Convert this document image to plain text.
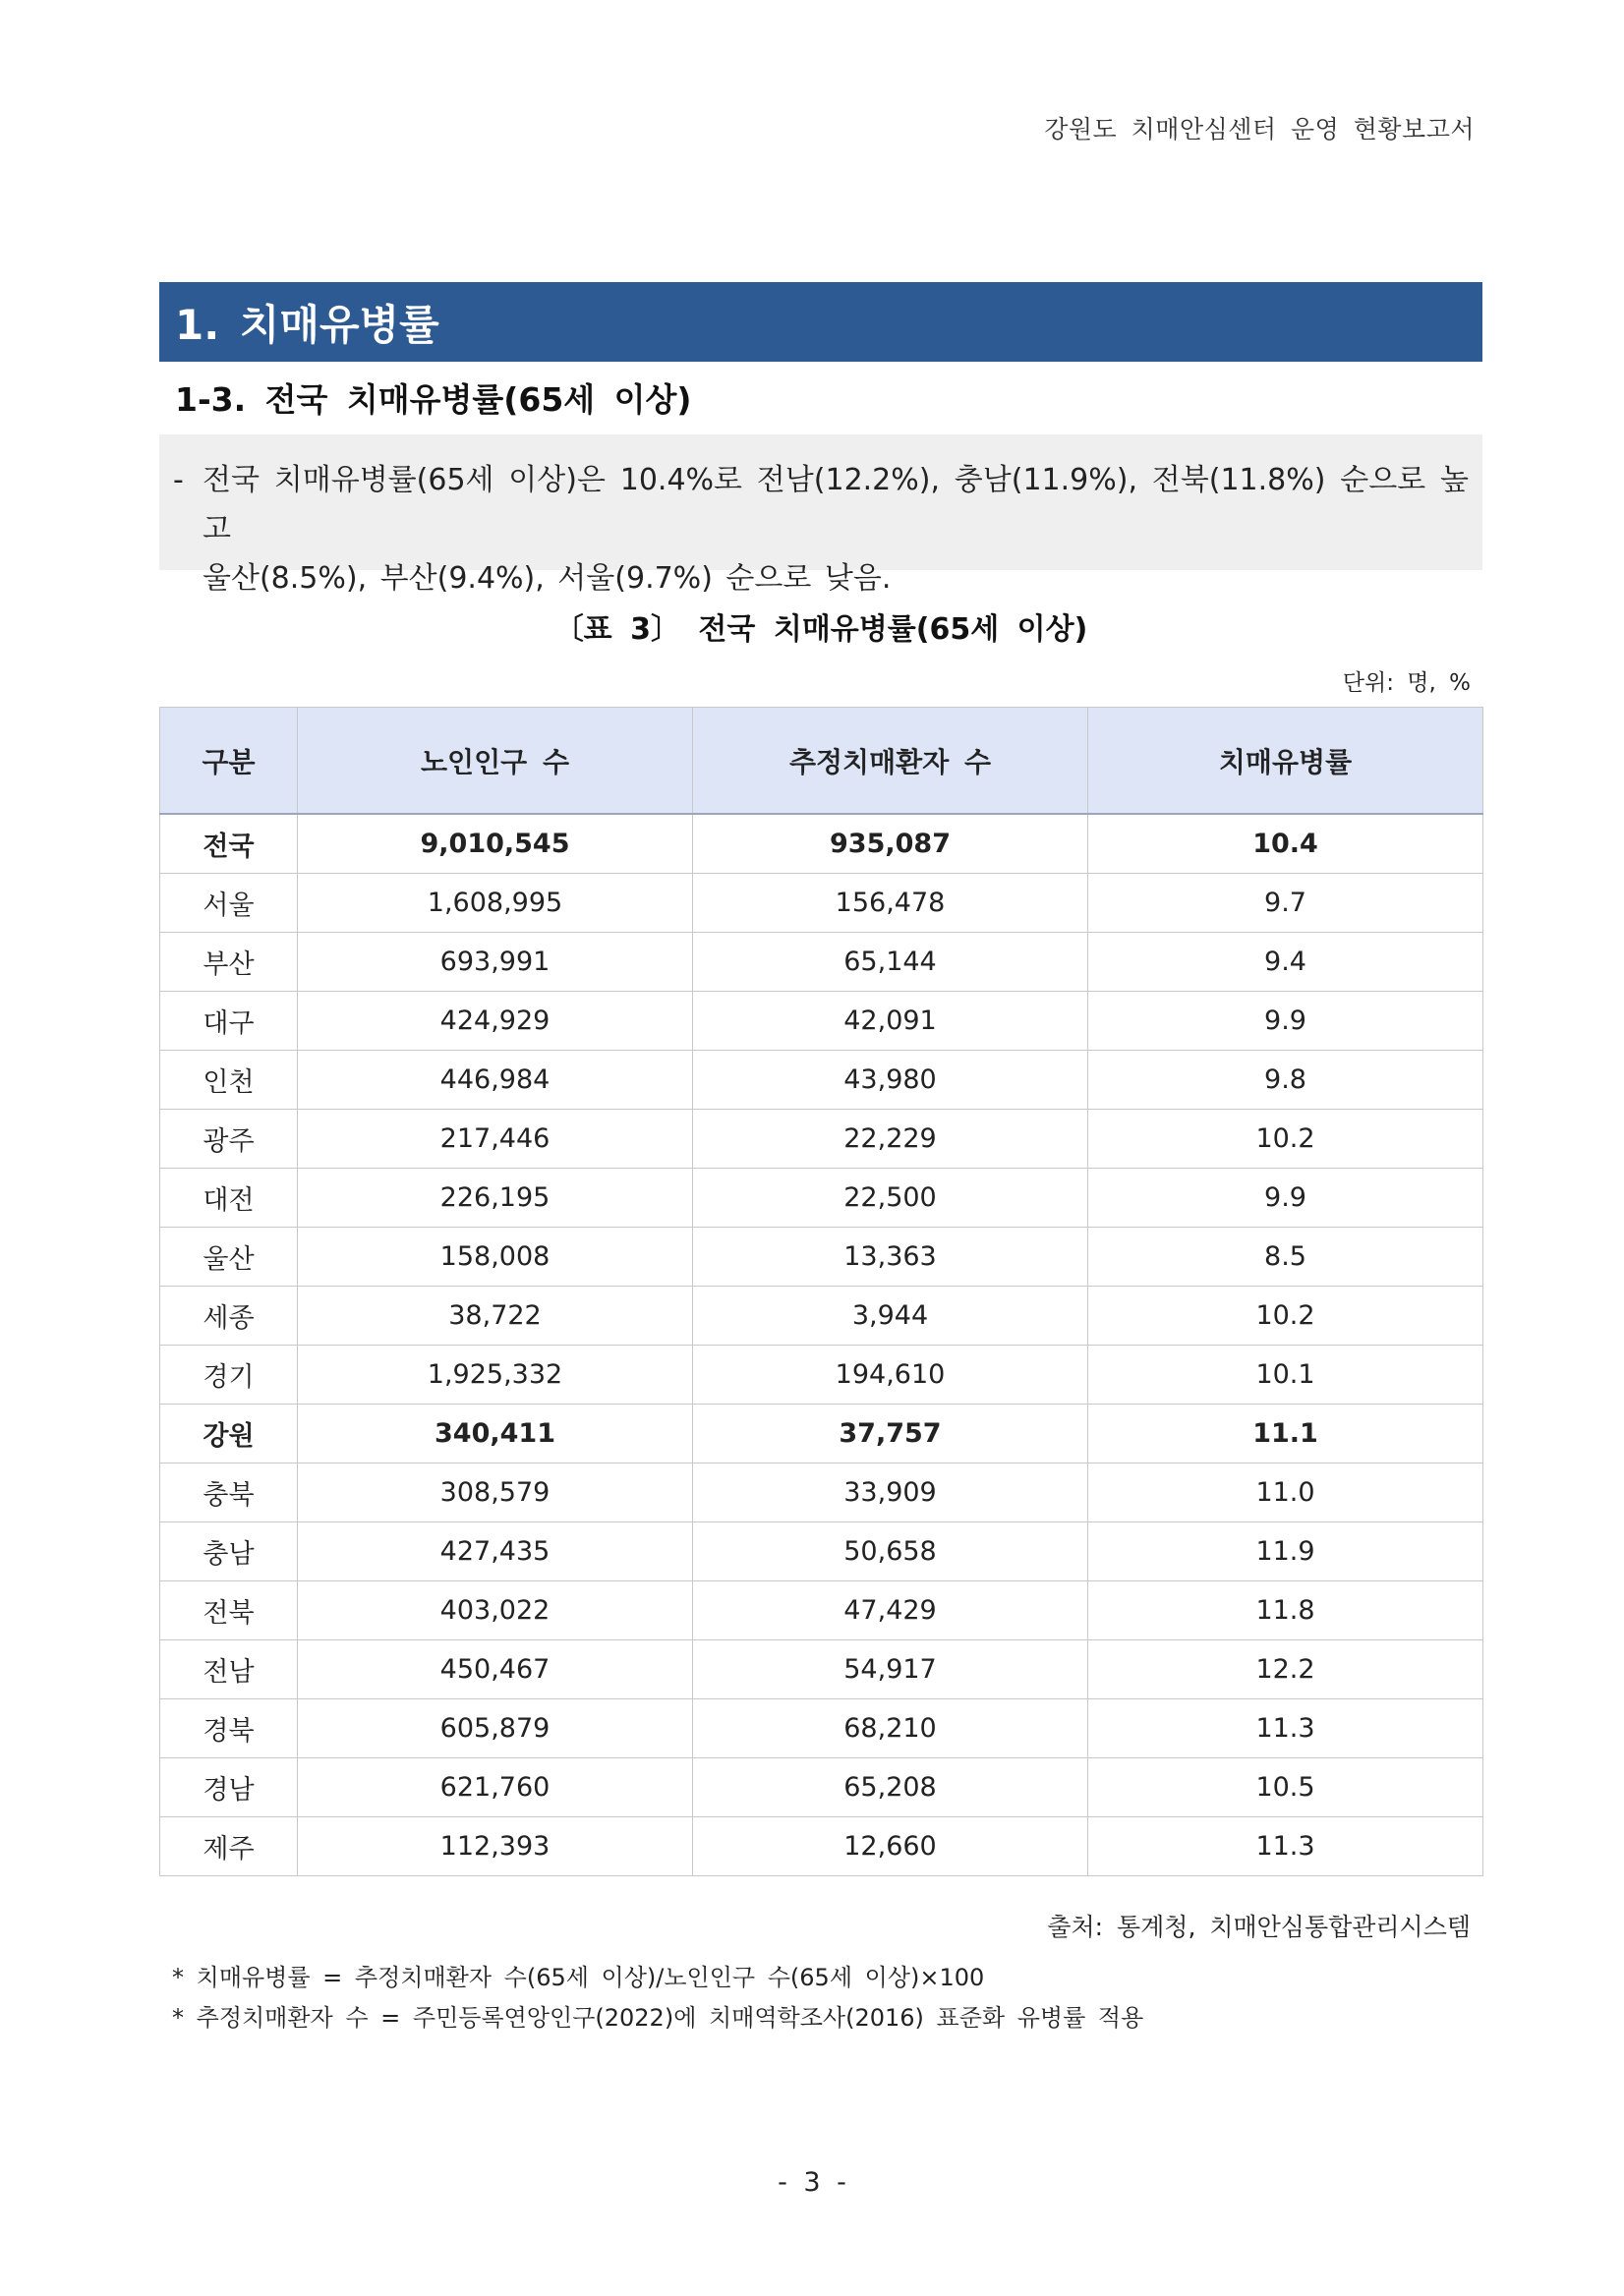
강원도 치매안심센터 운영 현황보고서
1. 치매유병률
1-3. 전국 치매유병률(65세 이상)
- 전국 치매유병률(65세 이상)은 10.4%로 전남(12.2%), 충남(11.9%), 전북(11.8%) 순으로 높고
울산(8.5%), 부산(9.4%), 서울(9.7%) 순으로 낮음.
〔표 3〕 전국 치매유병률(65세 이상)
단위: 명, %
구분	노인인구 수	추정치매환자 수	치매유병률
전국	9,010,545	935,087	10.4
서울	1,608,995	156,478	9.7
부산	693,991	65,144	9.4
대구	424,929	42,091	9.9
인천	446,984	43,980	9.8
광주	217,446	22,229	10.2
대전	226,195	22,500	9.9
울산	158,008	13,363	8.5
세종	38,722	3,944	10.2
경기	1,925,332	194,610	10.1
강원	340,411	37,757	11.1
충북	308,579	33,909	11.0
충남	427,435	50,658	11.9
전북	403,022	47,429	11.8
전남	450,467	54,917	12.2
경북	605,879	68,210	11.3
경남	621,760	65,208	10.5
제주	112,393	12,660	11.3
출처: 통계청, 치매안심통합관리시스템
* 치매유병률 = 추정치매환자 수(65세 이상)/노인인구 수(65세 이상)×100
* 추정치매환자 수 = 주민등록연앙인구(2022)에 치매역학조사(2016) 표준화 유병률 적용
- 3 -
